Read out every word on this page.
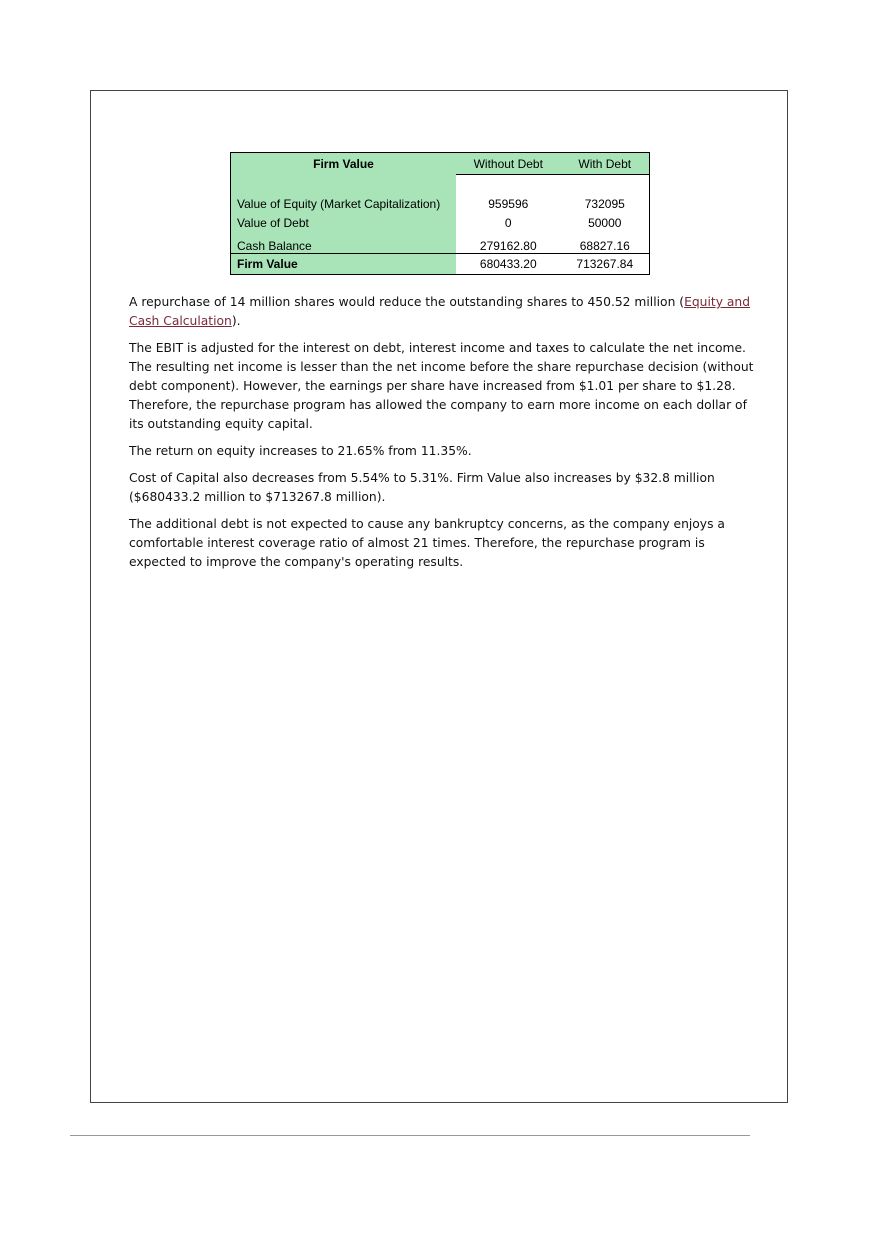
Firm Value	Without Debt	With Debt
Value of Equity (Market Capitalization)	959596	732095
Value of Debt	0	50000
Cash Balance	279162.80	68827.16
Firm Value	680433.20	713267.84

A repurchase of 14 million shares would reduce the outstanding shares to 450.52 million (Equity and Cash Calculation).

The EBIT is adjusted for the interest on debt, interest income and taxes to calculate the net income. The resulting net income is lesser than the net income before the share repurchase decision (without debt component). However, the earnings per share have increased from $1.01 per share to $1.28. Therefore, the repurchase program has allowed the company to earn more income on each dollar of its outstanding equity capital.

The return on equity increases to 21.65% from 11.35%.

Cost of Capital also decreases from 5.54% to 5.31%. Firm Value also increases by $32.8 million ($680433.2 million to $713267.8 million).

The additional debt is not expected to cause any bankruptcy concerns, as the company enjoys a comfortable interest coverage ratio of almost 21 times. Therefore, the repurchase program is expected to improve the company's operating results.
